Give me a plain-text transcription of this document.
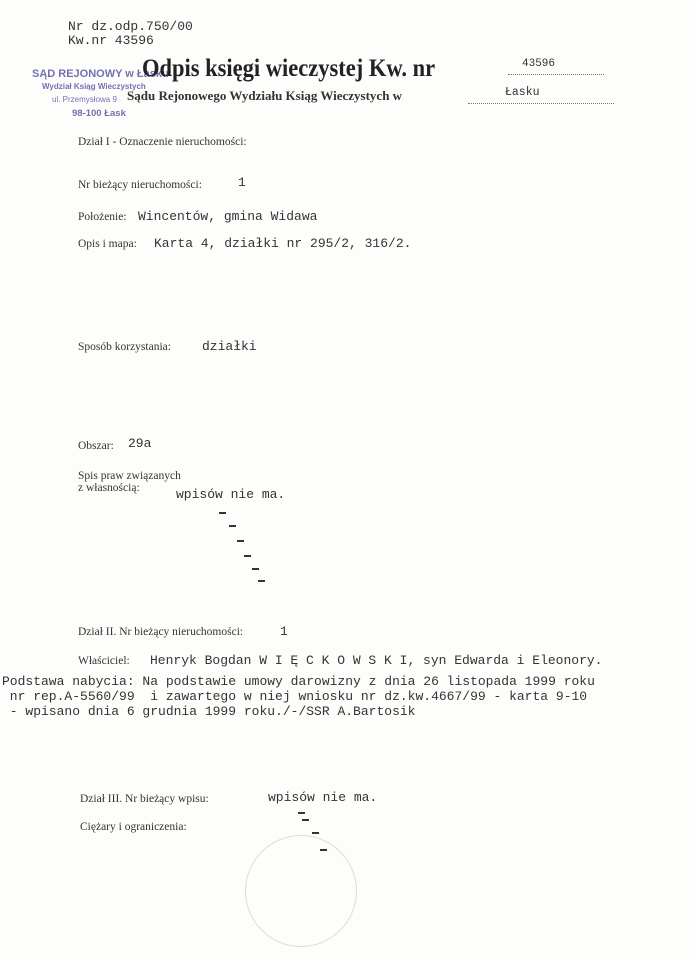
Nr dz.odp.750/00
Kw.nr 43596
SĄD REJONOWY w Łasku
Wydział Ksiąg Wieczystych
ul. Przemysłowa 9
98-100 Łask
Odpis księgi wieczystej Kw. nr	43596
Sądu Rejonowego Wydziału Ksiąg Wieczystych w	Łasku
Dział I - Oznaczenie nieruchomości:
Nr bieżący nieruchomości:	1
Położenie: Wincentów, gmina Widawa
Opis i mapa: Karta 4, działki nr 295/2, 316/2.
Sposób korzystania: działki
Obszar: 29a
Spis praw związanych
z własnością:	wpisów nie ma.
Dział II. Nr bieżący nieruchomości:	1
Właściciel: Henryk Bogdan W I Ę C K O W S K I, syn Edwarda i Eleonory.
Podstawa nabycia: Na podstawie umowy darowizny z dnia 26 listopada 1999 roku
nr rep.A-5560/99  i zawartego w niej wniosku nr dz.kw.4667/99 - karta 9-10
- wpisano dnia 6 grudnia 1999 roku./-/SSR A.Bartosik
Dział III. Nr bieżący wpisu:	wpisów nie ma.
Ciężary i ograniczenia:
